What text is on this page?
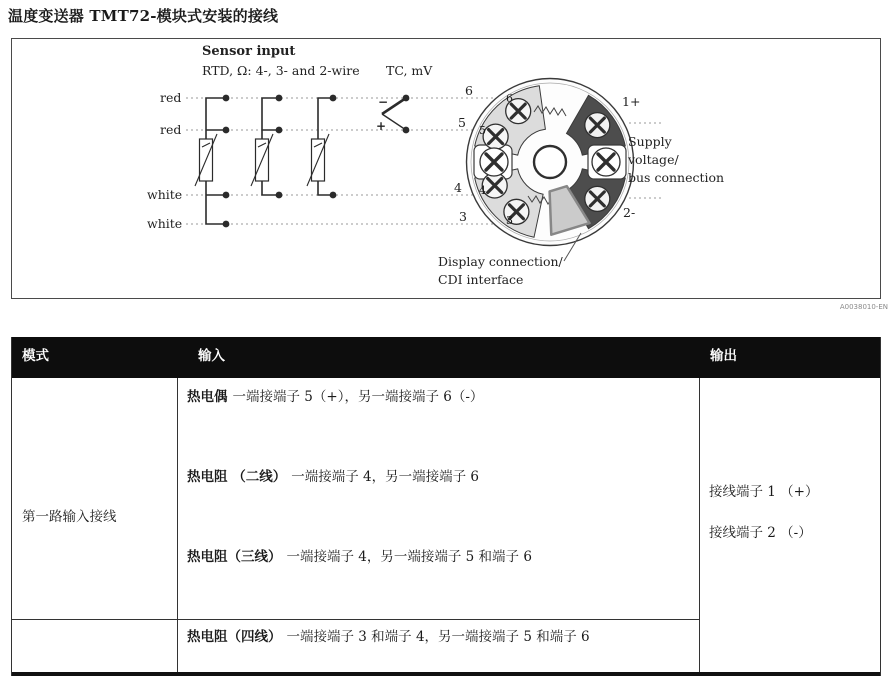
温度变送器 TMT72-模块式安装的接线
6
5
4
3
Sensor input
RTD, Ω: 4-, 3- and 2-wire TC, mV
red
red
white
white
−
+
6
5
4
3
1+
Supply
voltage/
bus connection
2-
Display connection/
CDI interface
A0038010-EN
模式	输入	输出
第一路输入接线
热电偶 一端接端子 5（+），另一端接端子 6（-）
热电阻 （二线） 一端接端子 4，另一端接端子 6
热电阻（三线） 一端接端子 4，另一端接端子 5 和端子 6
热电阻（四线） 一端接端子 3 和端子 4，另一端接端子 5 和端子 6
接线端子 1 （+）
接线端子 2 （-）
